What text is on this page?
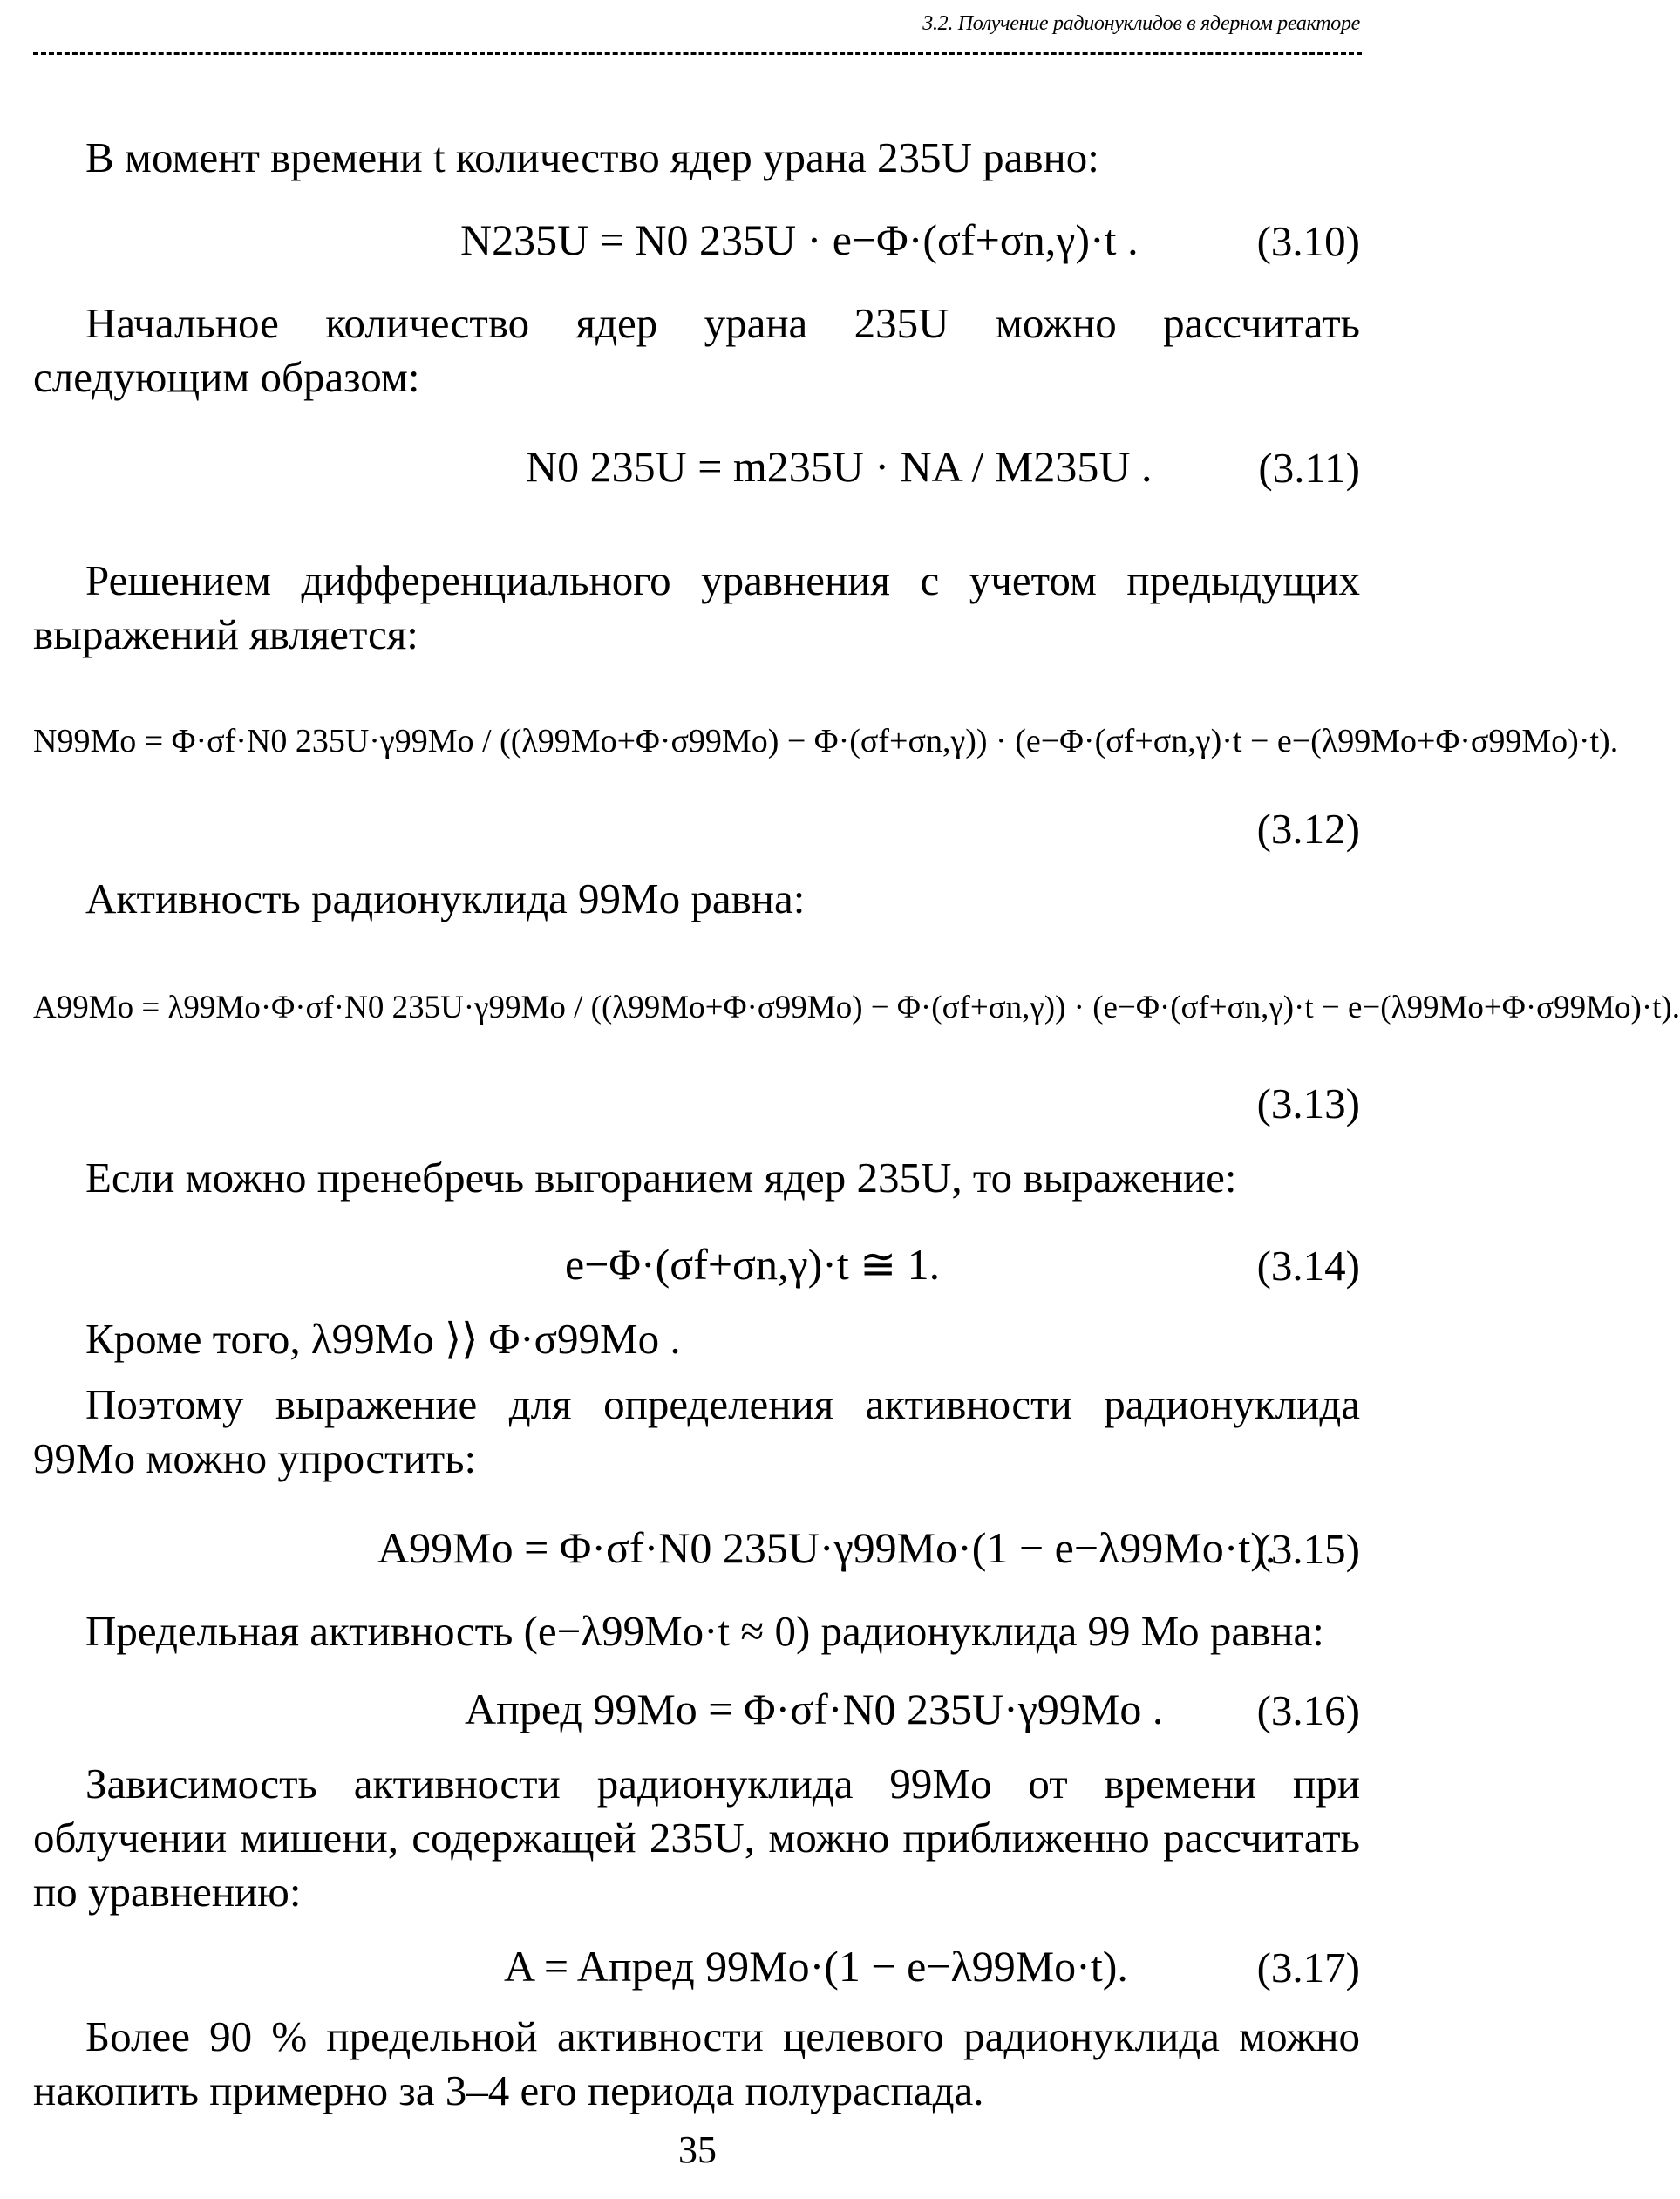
3.2. Получение радионуклидов в ядерном реакторе
В момент времени t количество ядер урана 235U равно:
N235U = N0 235U · e−Φ·(σf+σn,γ)·t .	(3.10)
Начальное количество ядер урана 235U можно рассчитать следующим образом:
N0 235U = m235U · NA / M235U . (3.11)
Решением дифференциального уравнения с учетом предыдущих выражений является:
N99Mo = Φ·σf·N0 235U·γ99Mo / ((λ99Mo+Φ·σ99Mo) − Φ·(σf+σn,γ)) · (e−Φ·(σf+σn,γ)·t − e−(λ99Mo+Φ·σ99Mo)·t).
(3.12)
Активность радионуклида 99Mo равна:
A99Mo = λ99Mo·Φ·σf·N0 235U·γ99Mo / ((λ99Mo+Φ·σ99Mo) − Φ·(σf+σn,γ)) · (e−Φ·(σf+σn,γ)·t − e−(λ99Mo+Φ·σ99Mo)·t).
(3.13)
Если можно пренебречь выгоранием ядер 235U, то выражение:
e−Φ·(σf+σn,γ)·t ≅ 1.	(3.14)
Кроме того, λ99Mo ⟩⟩ Φ·σ99Mo .
Поэтому выражение для определения активности радионуклида 99Mo можно упростить:
A99Mo = Φ·σf·N0 235U·γ99Mo·(1 − e−λ99Mo·t).
(3.15)
Предельная активность (e−λ99Mo·t ≈ 0) радионуклида 99 Мо равна:
Aпред 99Mo = Φ·σf·N0 235U·γ99Mo . (3.16)
Зависимость активности радионуклида 99Mo от времени при облучении мишени, содержащей 235U, можно приближенно рассчитать по уравнению:
A = Aпред 99Mo·(1 − e−λ99Mo·t).	(3.17)
Более 90 % предельной активности целевого радионуклида можно накопить примерно за 3–4 его периода полураспада.
35
